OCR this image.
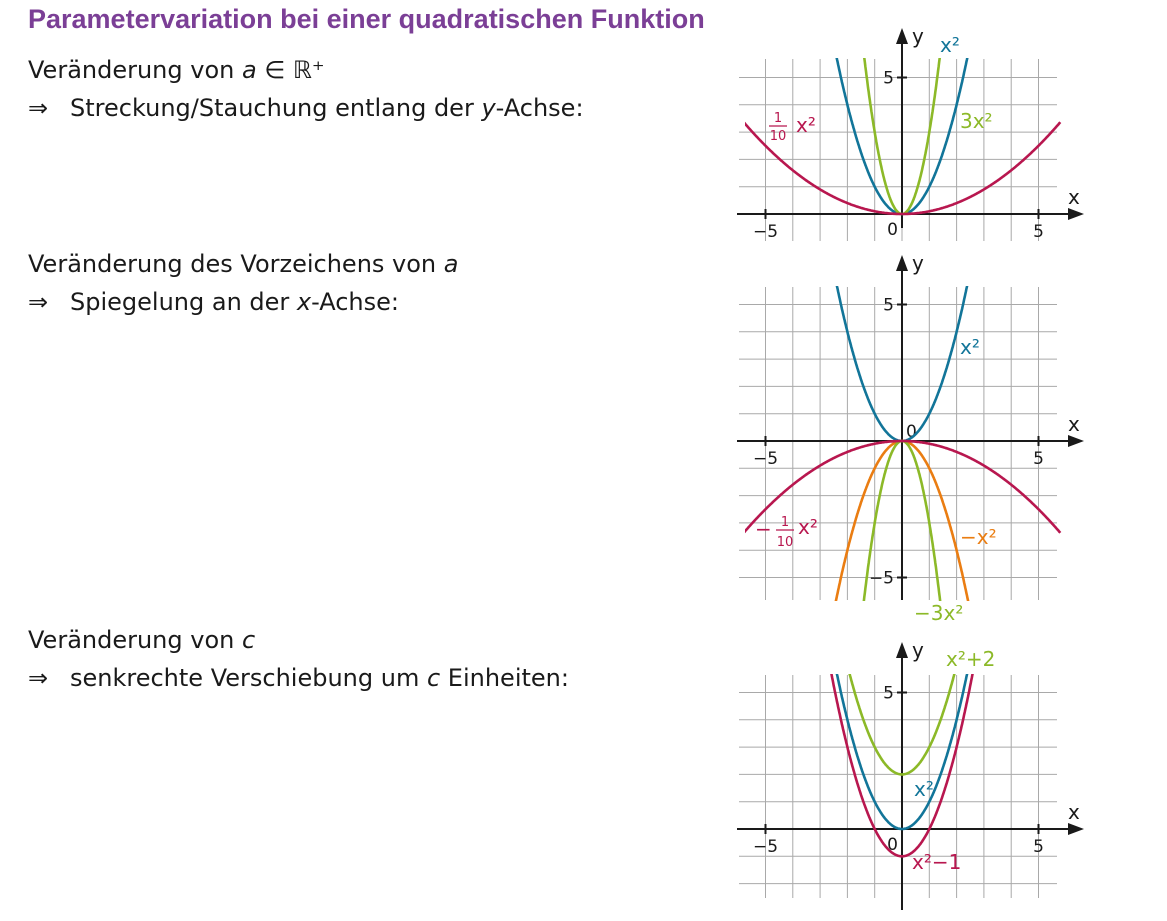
Parametervariation bei einer quadratischen Funktion
Veränderung von a ∈ ℝ⁺
⇒ Streckung/Stauchung entlang der y-Achse:
Veränderung des Vorzeichens von a
⇒ Spiegelung an der x-Achse:
Veränderung von c
⇒ senkrechte Verschiebung um c Einheiten:
x
y
−5	5
0
5
3x²
x²
1
10 x²
x
y
−5	5
0
5
−5
x²
−x²
−3x²
− 1
10
x²
x
y
−5	5
0
5
x²+2
x²
x²−1
